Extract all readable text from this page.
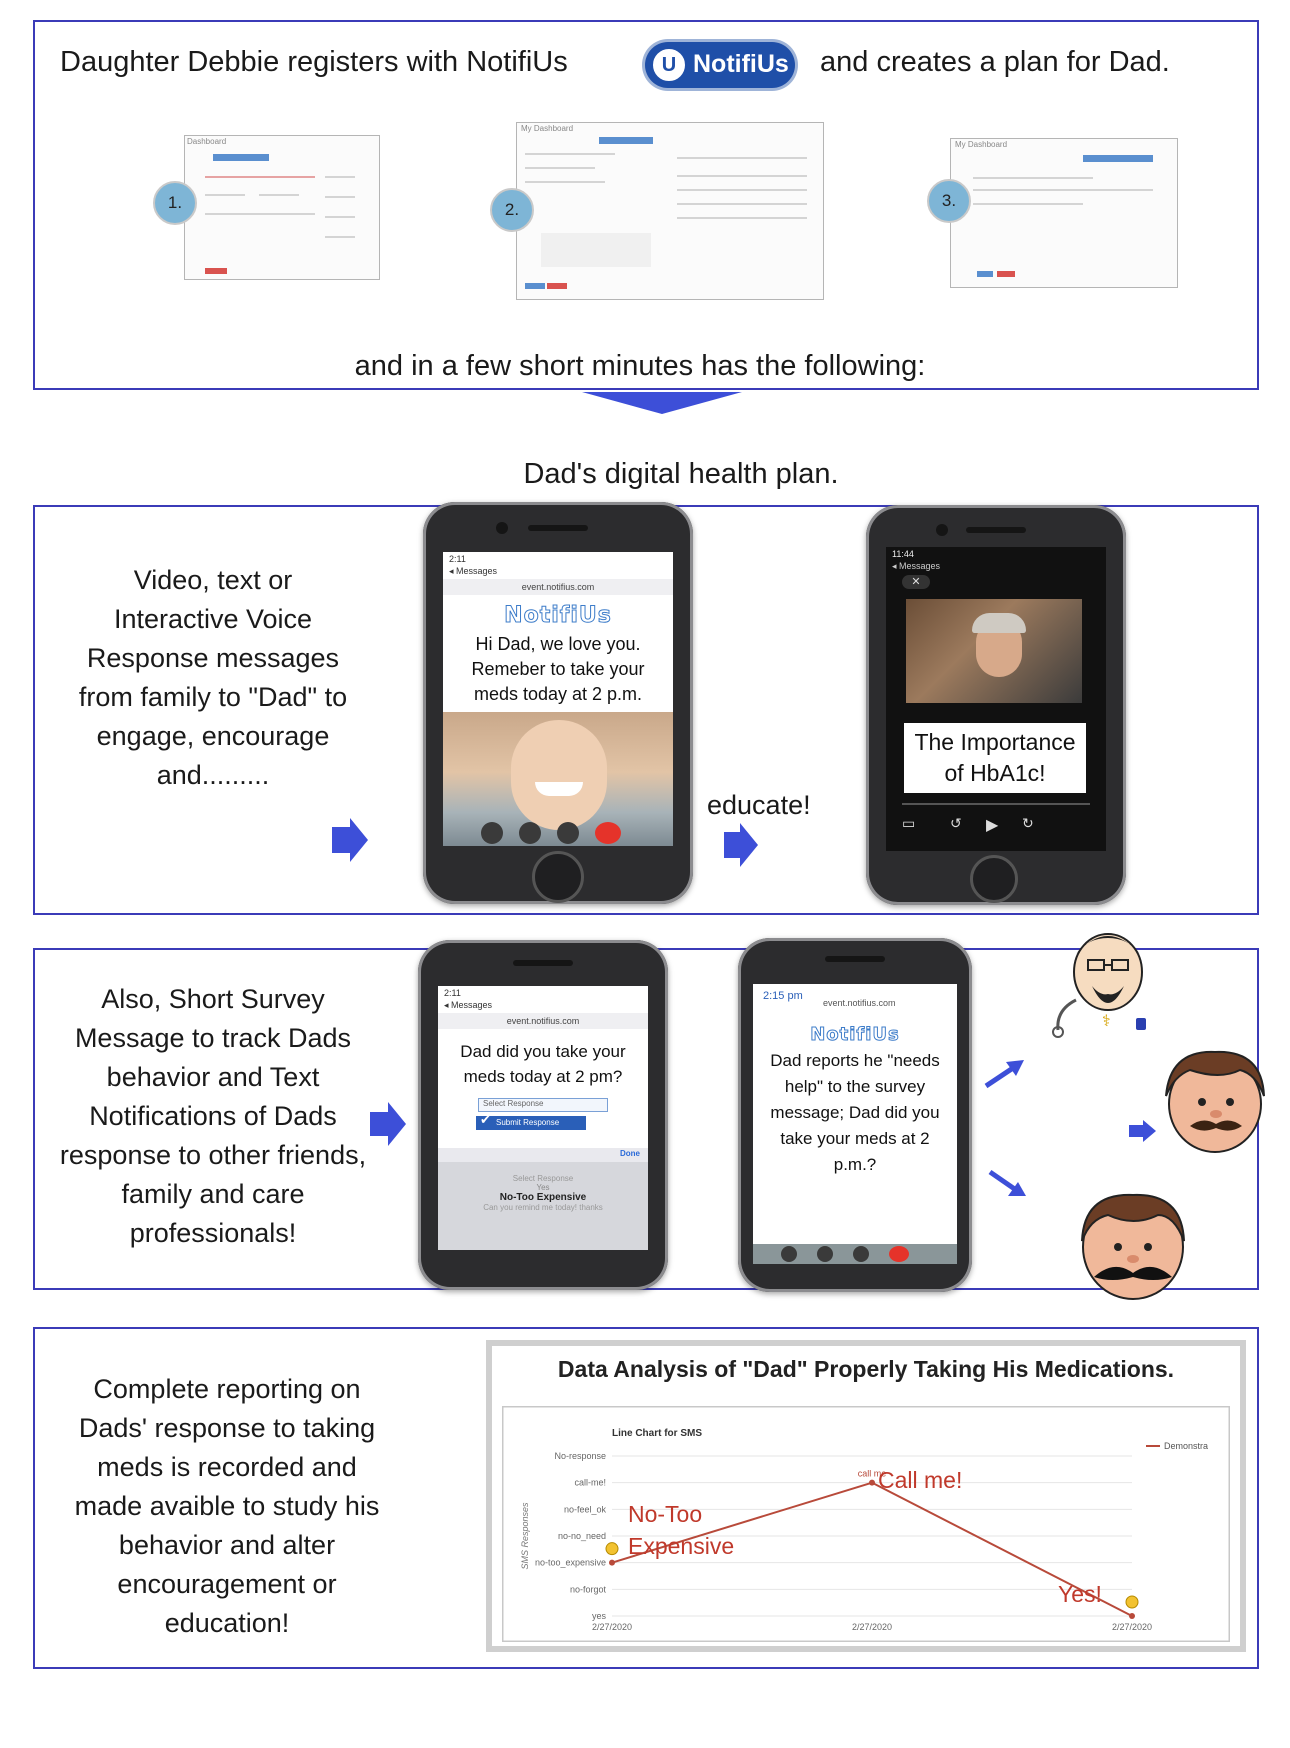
Daughter Debbie registers with NotifiUs	U NotifiUs and creates a plan for Dad.
Dashboard
1.
My Dashboard
2.
My Dashboard
3.
and in a few short minutes has the following:
Dad's digital health plan.
Video, text or Interactive Voice Response messages from family to "Dad" to engage, encourage and.........
2:11
◂ Messages
event.notifius.com
NotifiUs
Hi Dad, we love you. Remeber to take your meds today at 2 p.m.
educate!
11:44
◂ Messages
✕
The Importance of HbA1c!
▭ ↺ ▶ ↻
Also, Short Survey Message to track Dads behavior and Text Notifications of Dads response to other friends, family and care professionals!
2:11
◂ Messages
event.notifius.com
Dad did you take your meds today at 2 pm?
Select Response
✔ Submit Response
Done
Select Response
Yes
No-Too Expensive
Can you remind me today! thanks
2:15 pm
event.notifius.com
NotifiUs
Dad reports he "needs help" to the survey message; Dad did you take your meds at 2 p.m.?
⚕
Complete reporting on Dads' response to taking meds is recorded and made avaible to study his behavior and alter encouragement or education!
Data Analysis of "Dad" Properly Taking His Medications.
Line Chart for SMS
yes
no-forgot
no-too_expensive
no-no_need
no-feel_ok
call-me!
No-response
SMS Responses
2/27/2020	2/27/2020	2/27/2020
call me
Demonstra
No-Too
Expensive
Call me!
Yes!
